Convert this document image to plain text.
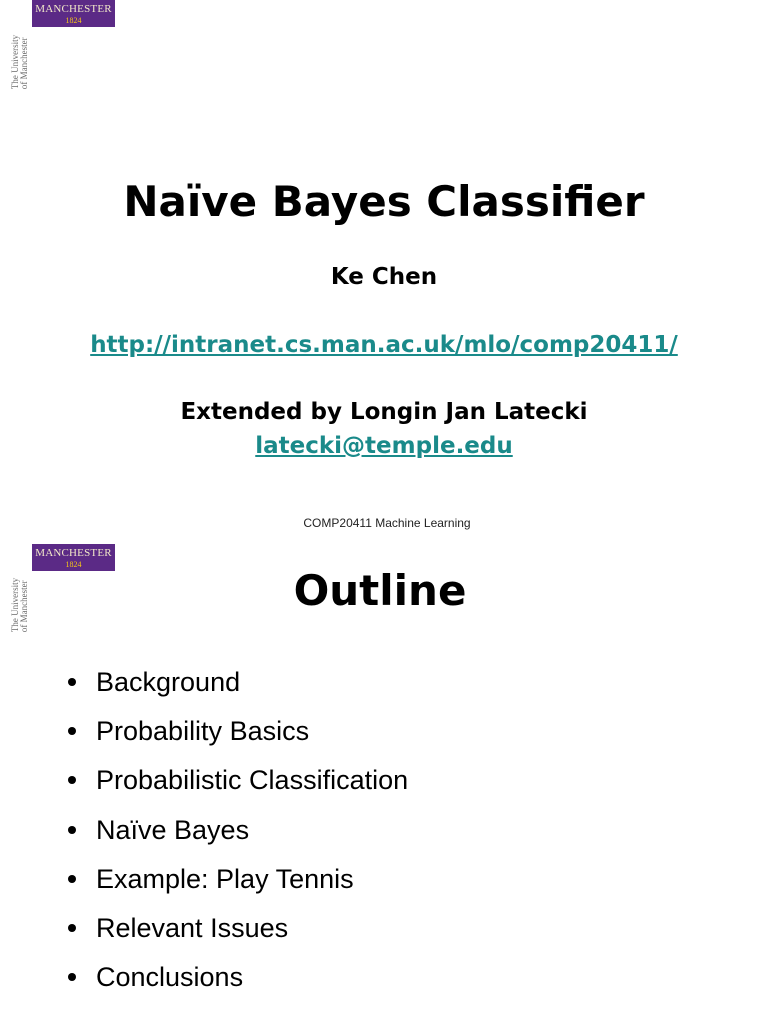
MANCHESTER
1824
The University of Manchester
Naïve Bayes Classifier
Ke Chen
http://intranet.cs.man.ac.uk/mlo/comp20411/
Extended by Longin Jan Latecki
latecki@temple.edu
COMP20411 Machine Learning
MANCHESTER
1824
The University of Manchester	Outline
Background
Probability Basics
Probabilistic Classification
Naïve Bayes
Example: Play Tennis
Relevant Issues
Conclusions
